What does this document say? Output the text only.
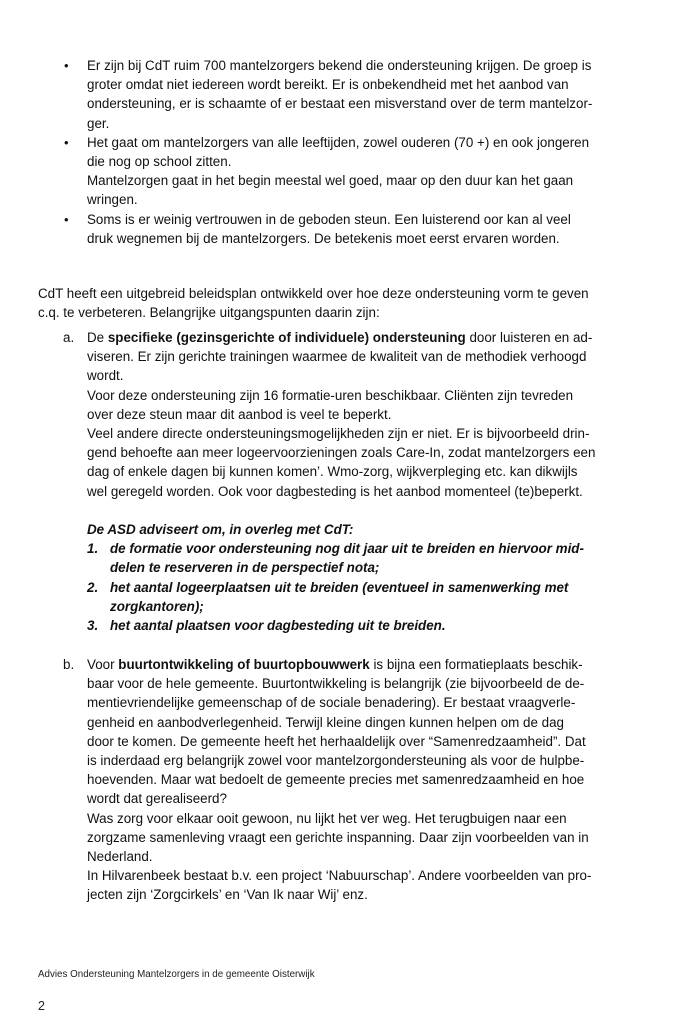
• Er zijn bij CdT ruim 700 mantelzorgers bekend die ondersteuning krijgen. De groep is
groter omdat niet iedereen wordt bereikt. Er is onbekendheid met het aanbod van
ondersteuning, er is schaamte of er bestaat een misverstand over de term mantelzor-
ger.
• Het gaat om mantelzorgers van alle leeftijden, zowel ouderen (70 +) en ook jongeren
die nog op school zitten.
Mantelzorgen gaat in het begin meestal wel goed, maar op den duur kan het gaan
wringen.
• Soms is er weinig vertrouwen in de geboden steun. Een luisterend oor kan al veel
druk wegnemen bij de mantelzorgers. De betekenis moet eerst ervaren worden.
CdT heeft een uitgebreid beleidsplan ontwikkeld over hoe deze ondersteuning vorm te geven
c.q. te verbeteren. Belangrijke uitgangspunten daarin zijn:
a. De specifieke (gezinsgerichte of individuele) ondersteuning door luisteren en ad-
viseren. Er zijn gerichte trainingen waarmee de kwaliteit van de methodiek verhoogd
wordt.
Voor deze ondersteuning zijn 16 formatie-uren beschikbaar. Cliënten zijn tevreden
over deze steun maar dit aanbod is veel te beperkt.
Veel andere directe ondersteuningsmogelijkheden zijn er niet. Er is bijvoorbeeld drin-
gend behoefte aan meer logeervoorzieningen zoals Care-In, zodat mantelzorgers een
dag of enkele dagen bij kunnen komen’. Wmo-zorg, wijkverpleging etc. kan dikwijls
wel geregeld worden. Ook voor dagbesteding is het aanbod momenteel (te)beperkt.
De ASD adviseert om, in overleg met CdT:
1. de formatie voor ondersteuning nog dit jaar uit te breiden en hiervoor mid-
delen te reserveren in de perspectief nota;
2. het aantal logeerplaatsen uit te breiden (eventueel in samenwerking met
zorgkantoren);
3. het aantal plaatsen voor dagbesteding uit te breiden.
b. Voor buurtontwikkeling of buurtopbouwwerk is bijna een formatieplaats beschik-
baar voor de hele gemeente. Buurtontwikkeling is belangrijk (zie bijvoorbeeld de de-
mentievriendelijke gemeenschap of de sociale benadering). Er bestaat vraagverle-
genheid en aanbodverlegenheid. Terwijl kleine dingen kunnen helpen om de dag
door te komen. De gemeente heeft het herhaaldelijk over “Samenredzaamheid”. Dat
is inderdaad erg belangrijk zowel voor mantelzorgondersteuning als voor de hulpbe-
hoevenden. Maar wat bedoelt de gemeente precies met samenredzaamheid en hoe
wordt dat gerealiseerd?
Was zorg voor elkaar ooit gewoon, nu lijkt het ver weg. Het terugbuigen naar een
zorgzame samenleving vraagt een gerichte inspanning. Daar zijn voorbeelden van in
Nederland.
In Hilvarenbeek bestaat b.v. een project ‘Nabuurschap’. Andere voorbeelden van pro-
jecten zijn ‘Zorgcirkels’ en ‘Van Ik naar Wij’ enz.
Advies Ondersteuning Mantelzorgers in de gemeente Oisterwijk
2
